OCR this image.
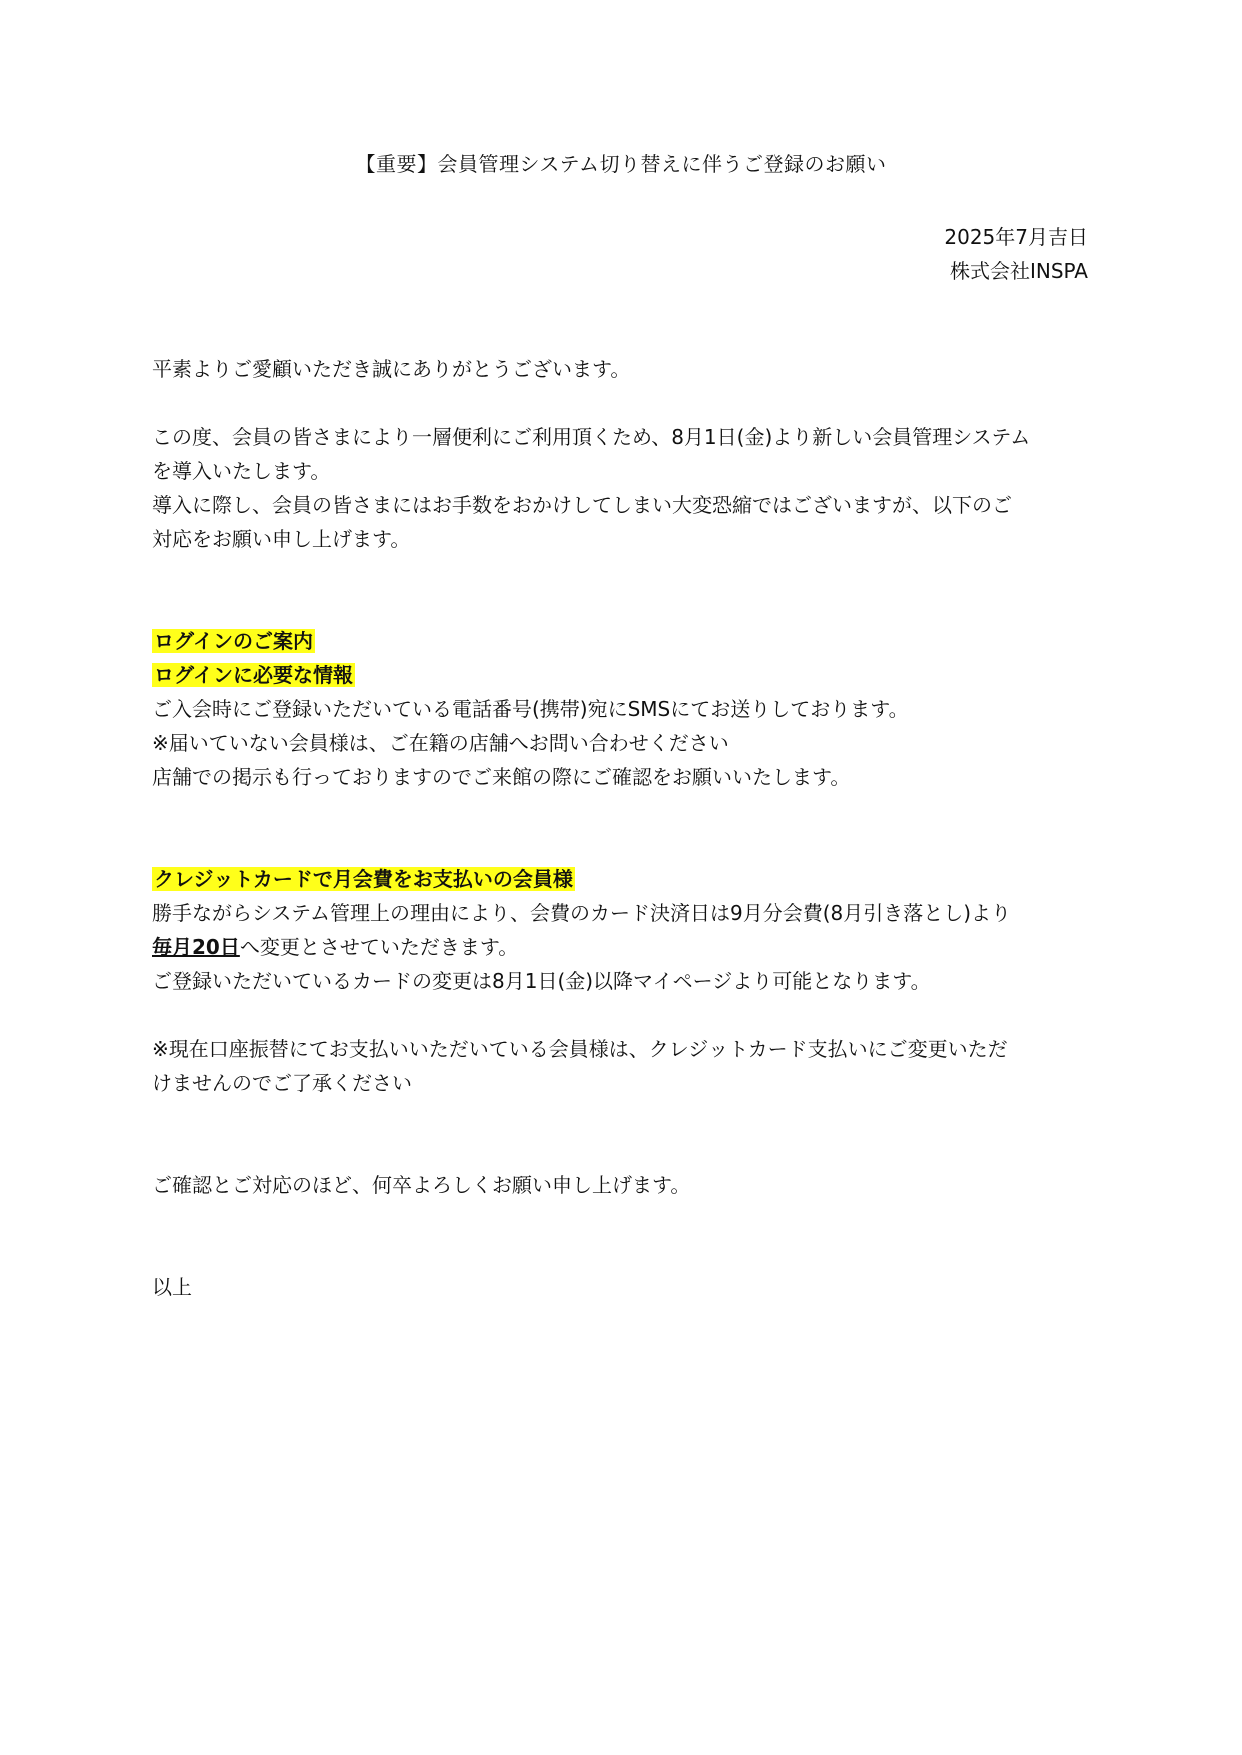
【重要】会員管理システム切り替えに伴うご登録のお願い
2025年7月吉日
株式会社INSPA

平素よりご愛顧いただき誠にありがとうございます。

この度、会員の皆さまにより一層便利にご利用頂くため、8月1日(金)より新しい会員管理システム

を導入いたします。

導入に際し、会員の皆さまにはお手数をおかけしてしまい大変恐縮ではございますが、以下のご

対応をお願い申し上げます。

ログインのご案内

ログインに必要な情報

ご入会時にご登録いただいている電話番号(携帯)宛にSMSにてお送りしております。

※届いていない会員様は、ご在籍の店舗へお問い合わせください

店舗での掲示も行っておりますのでご来館の際にご確認をお願いいたします。

クレジットカードで月会費をお支払いの会員様

勝手ながらシステム管理上の理由により、会費のカード決済日は9月分会費(8月引き落とし)より

毎月20日へ変更とさせていただきます。

ご登録いただいているカードの変更は8月1日(金)以降マイページより可能となります。

※現在口座振替にてお支払いいただいている会員様は、クレジットカード支払いにご変更いただ

けませんのでご了承ください

ご確認とご対応のほど、何卒よろしくお願い申し上げます。

以上
